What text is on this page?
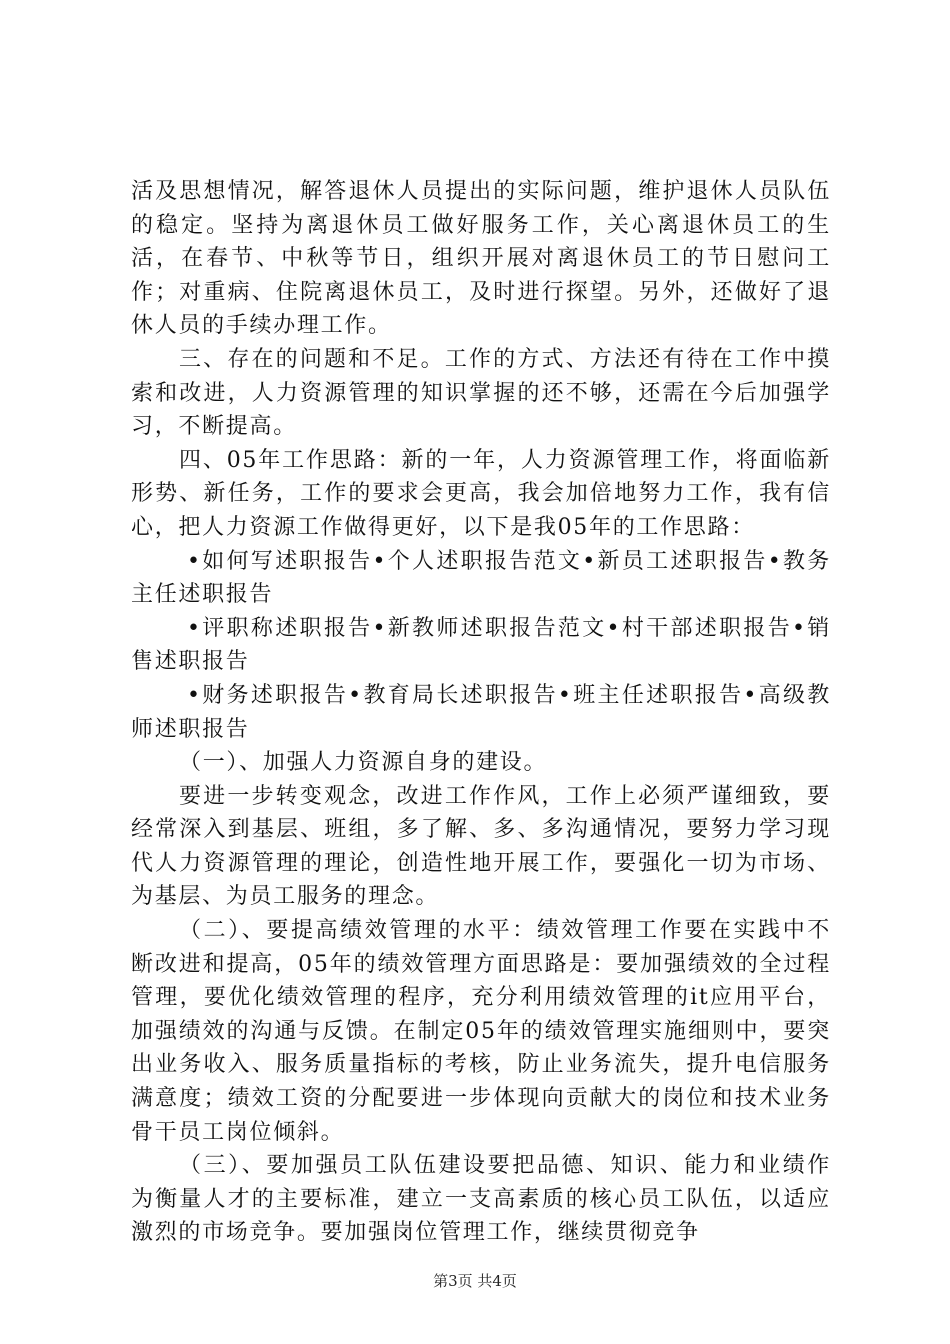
活及思想情况，解答退休人员提出的实际问题，维护退休人员队伍的稳定。坚持为离退休员工做好服务工作，关心离退休员工的生活，在春节、中秋等节日，组织开展对离退休员工的节日慰问工作；对重病、住院离退休员工，及时进行探望。另外，还做好了退休人员的手续办理工作。

三、存在的问题和不足。工作的方式、方法还有待在工作中摸索和改进，人力资源管理的知识掌握的还不够，还需在今后加强学习，不断提高。

四、05年工作思路：新的一年，人力资源管理工作，将面临新形势、新任务，工作的要求会更高，我会加倍地努力工作，我有信心，把人力资源工作做得更好，以下是我05年的工作思路：

•如何写述职报告•个人述职报告范文•新员工述职报告•教务主任述职报告

•评职称述职报告•新教师述职报告范文•村干部述职报告•销售述职报告

•财务述职报告•教育局长述职报告•班主任述职报告•高级教师述职报告

（一）、加强人力资源自身的建设。

要进一步转变观念，改进工作作风，工作上必须严谨细致，要经常深入到基层、班组，多了解、多、多沟通情况，要努力学习现代人力资源管理的理论，创造性地开展工作，要强化一切为市场、为基层、为员工服务的理念。

（二）、要提高绩效管理的水平：绩效管理工作要在实践中不断改进和提高，05年的绩效管理方面思路是：要加强绩效的全过程管理，要优化绩效管理的程序，充分利用绩效管理的it应用平台，加强绩效的沟通与反馈。在制定05年的绩效管理实施细则中，要突出业务收入、服务质量指标的考核，防止业务流失，提升电信服务满意度；绩效工资的分配要进一步体现向贡献大的岗位和技术业务骨干员工岗位倾斜。

（三）、要加强员工队伍建设要把品德、知识、能力和业绩作为衡量人才的主要标准，建立一支高素质的核心员工队伍，以适应激烈的市场竞争。要加强岗位管理工作，继续贯彻竞争

第3页 共4页
